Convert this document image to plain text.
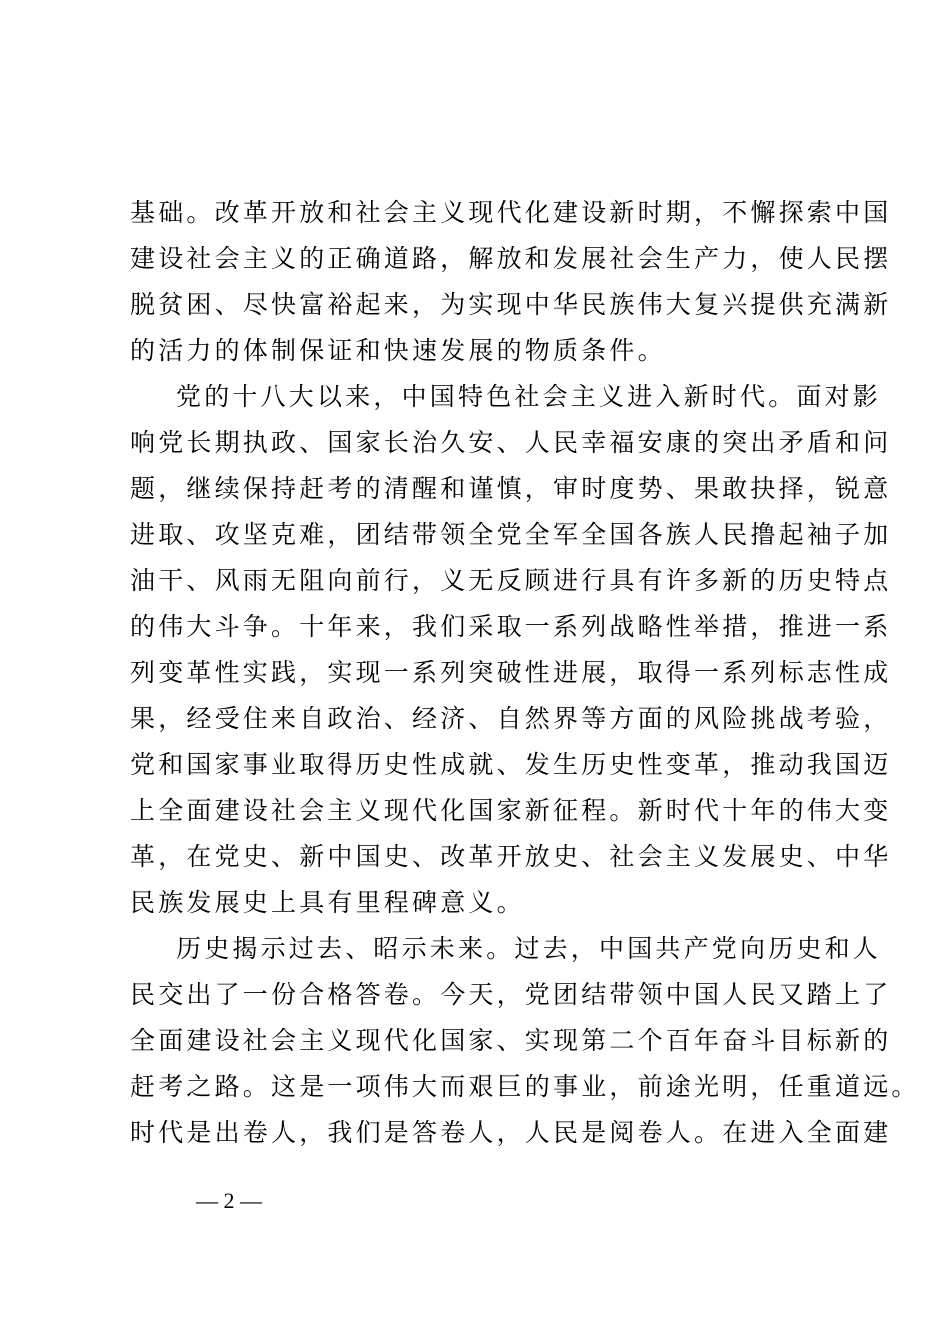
基础。改革开放和社会主义现代化建设新时期，不懈探索中国
建设社会主义的正确道路，解放和发展社会生产力，使人民摆
脱贫困、尽快富裕起来，为实现中华民族伟大复兴提供充满新
的活力的体制保证和快速发展的物质条件。
党的十八大以来，中国特色社会主义进入新时代。面对影
响党长期执政、国家长治久安、人民幸福安康的突出矛盾和问
题，继续保持赶考的清醒和谨慎，审时度势、果敢抉择，锐意
进取、攻坚克难，团结带领全党全军全国各族人民撸起袖子加
油干、风雨无阻向前行，义无反顾进行具有许多新的历史特点
的伟大斗争。十年来，我们采取一系列战略性举措，推进一系
列变革性实践，实现一系列突破性进展，取得一系列标志性成
果，经受住来自政治、经济、自然界等方面的风险挑战考验，
党和国家事业取得历史性成就、发生历史性变革，推动我国迈
上全面建设社会主义现代化国家新征程。新时代十年的伟大变
革，在党史、新中国史、改革开放史、社会主义发展史、中华
民族发展史上具有里程碑意义。
历史揭示过去、昭示未来。过去，中国共产党向历史和人
民交出了一份合格答卷。今天，党团结带领中国人民又踏上了
全面建设社会主义现代化国家、实现第二个百年奋斗目标新的
赶考之路。这是一项伟大而艰巨的事业，前途光明，任重道远。
时代是出卷人，我们是答卷人，人民是阅卷人。在进入全面建
— 2 —
